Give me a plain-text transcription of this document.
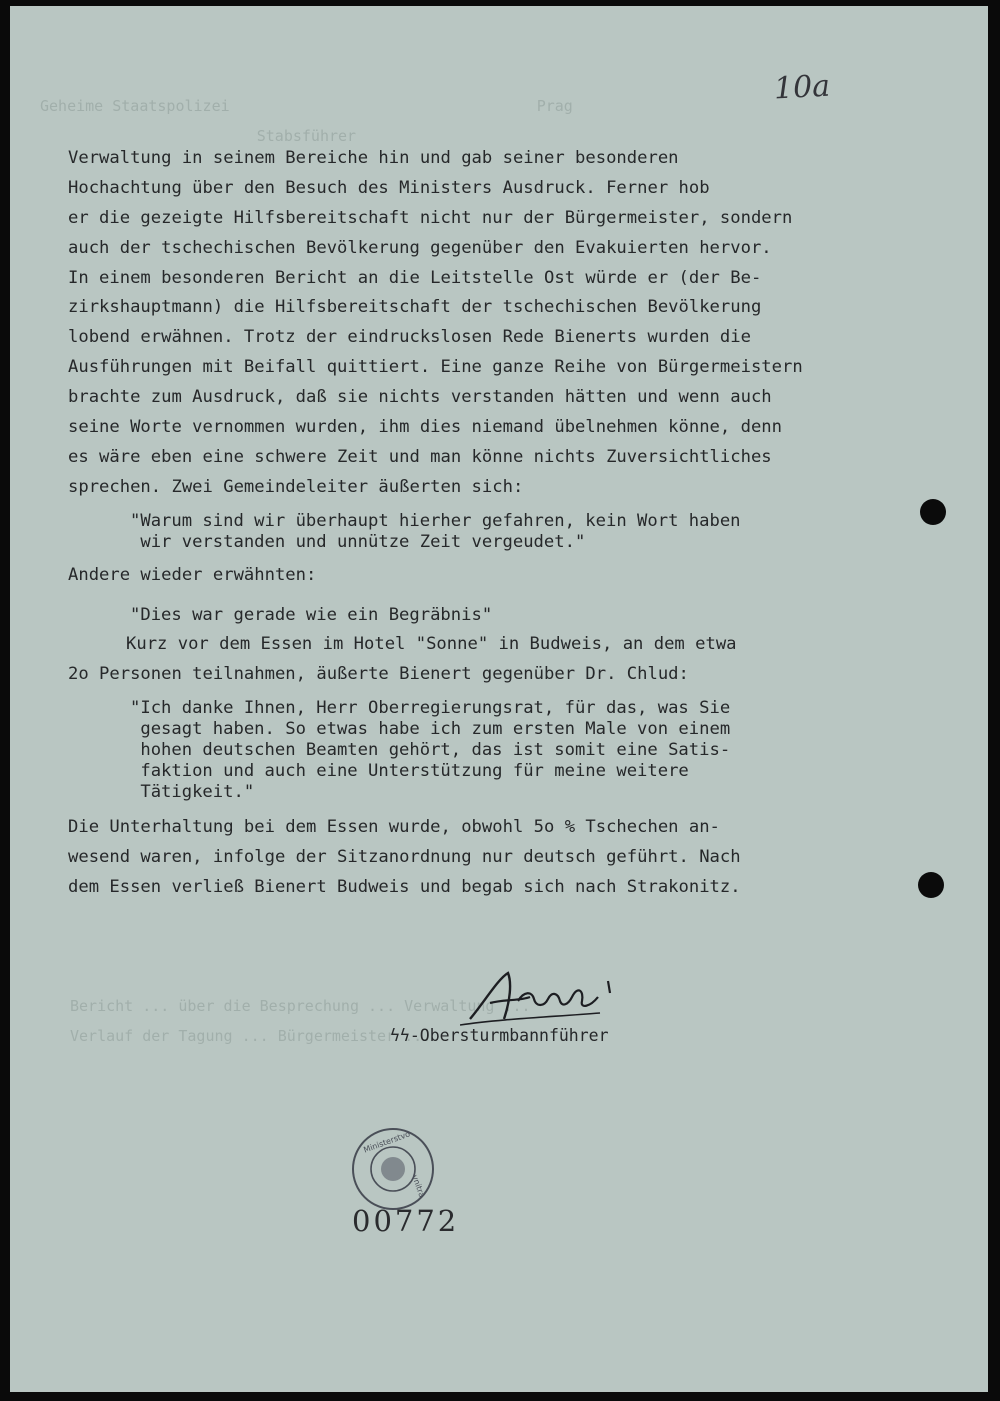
Geheime Staatspolizei                                  Prag
Stabsführer

Bericht ... über die Besprechung ... Verwaltung ...
Verlauf der Tagung ... Bürgermeister ...

10a
Verwaltung in seinem Bereiche hin und gab seiner besonderen
Hochachtung über den Besuch des Ministers Ausdruck. Ferner hob
er die gezeigte Hilfsbereitschaft nicht nur der Bürgermeister, sondern
auch der tschechischen Bevölkerung gegenüber den Evakuierten hervor.
In einem besonderen Bericht an die Leitstelle Ost würde er (der Be-
zirkshauptmann) die Hilfsbereitschaft der tschechischen Bevölkerung
lobend erwähnen. Trotz der eindruckslosen Rede Bienerts wurden die
Ausführungen mit Beifall quittiert. Eine ganze Reihe von Bürgermeistern
brachte zum Ausdruck, daß sie nichts verstanden hätten und wenn auch
seine Worte vernommen wurden, ihm dies niemand übelnehmen könne, denn
es wäre eben eine schwere Zeit und man könne nichts Zuversichtliches
sprechen. Zwei Gemeindeleiter äußerten sich:
"Warum sind wir überhaupt hierher gefahren, kein Wort haben
wir verstanden und unnütze Zeit vergeudet."
Andere wieder erwähnten:
"Dies war gerade wie ein Begräbnis"
Kurz vor dem Essen im Hotel "Sonne" in Budweis, an dem etwa
2o Personen teilnahmen, äußerte Bienert gegenüber Dr. Chlud:
"Ich danke Ihnen, Herr Oberregierungsrat, für das, was Sie
gesagt haben. So etwas habe ich zum ersten Male von einem
hohen deutschen Beamten gehört, das ist somit eine Satis-
faktion und auch eine Unterstützung für meine weitere
Tätigkeit."
Die Unterhaltung bei dem Essen wurde, obwohl 5o % Tschechen an-
wesend waren, infolge der Sitzanordnung nur deutsch geführt. Nach
dem Essen verließ Bienert Budweis und begab sich nach Strakonitz.
ϟϟ-Obersturmbannführer
Ministerstvo
vnitra
00772
